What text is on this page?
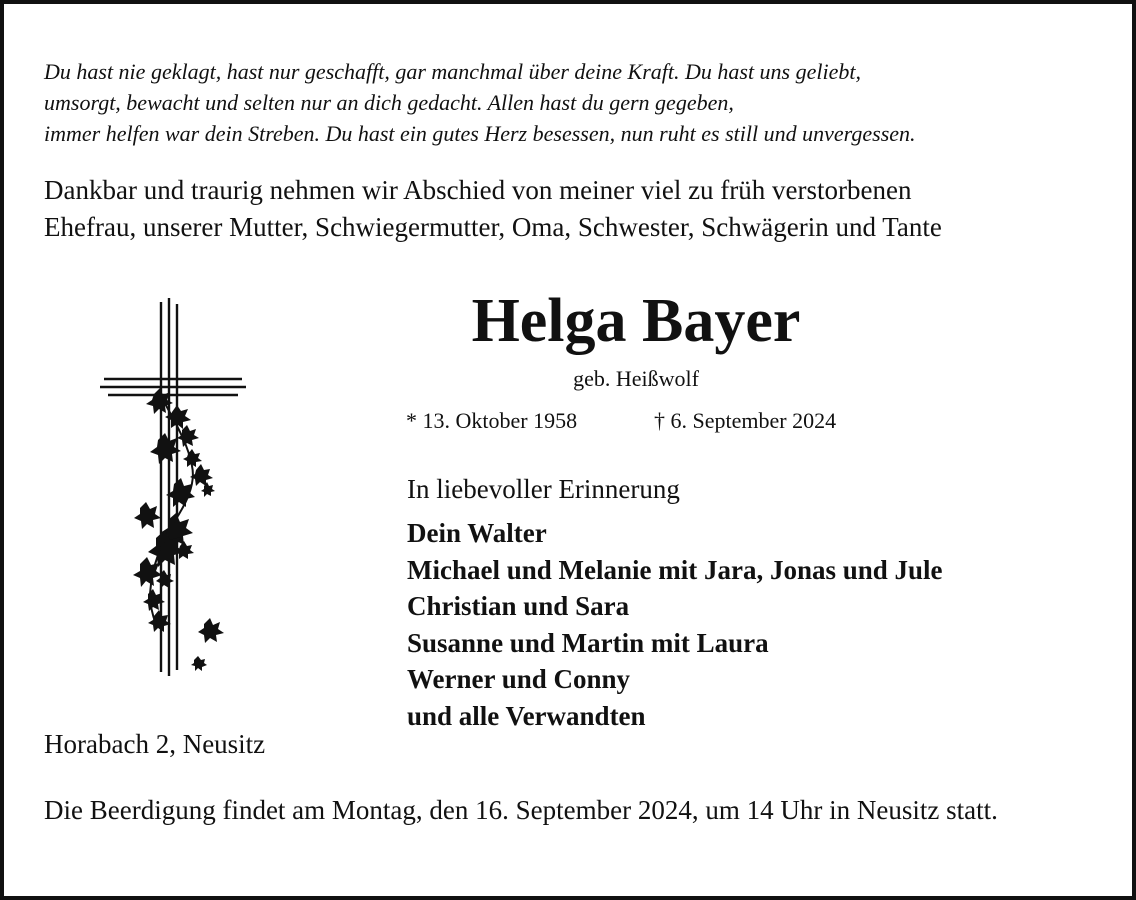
Du hast nie geklagt, hast nur geschafft, gar manchmal über deine Kraft. Du hast uns geliebt,
umsorgt, bewacht und selten nur an dich gedacht. Allen hast du gern gegeben,
immer helfen war dein Streben. Du hast ein gutes Herz besessen, nun ruht es still und unvergessen.
Dankbar und traurig nehmen wir Abschied von meiner viel zu früh verstorbenen
Ehefrau, unserer Mutter, Schwiegermutter, Oma, Schwester, Schwägerin und Tante
Helga Bayer
geb. Heißwolf
* 13. Oktober 1958	† 6. September 2024
In liebevoller Erinnerung
Dein Walter
Michael und Melanie mit Jara, Jonas und Jule
Christian und Sara
Susanne und Martin mit Laura
Werner und Conny
und alle Verwandten
Horabach 2, Neusitz
Die Beerdigung findet am Montag, den 16. September 2024, um 14 Uhr in Neusitz statt.
